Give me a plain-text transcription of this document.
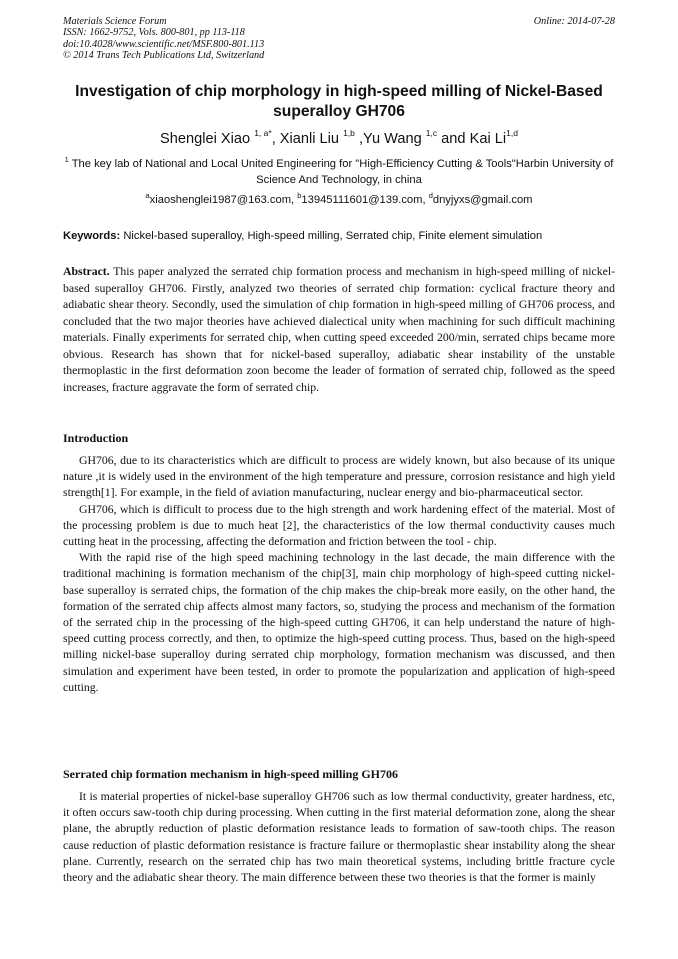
Materials Science Forum
ISSN: 1662-9752, Vols. 800-801, pp 113-118
doi:10.4028/www.scientific.net/MSF.800-801.113
© 2014 Trans Tech Publications Ltd, Switzerland
Online: 2014-07-28
Investigation of chip morphology in high-speed milling of Nickel-Based superalloy GH706
Shenglei Xiao $^{1, a*}$, Xianli Liu $^{1,b}$ ,Yu Wang $^{1,c}$ and Kai Li$^{1,d}$
$^1$ The key lab of National and Local United Engineering for "High-Efficiency Cutting & Tools"Harbin University of Science And Technology, in china
$^a$xiaoshenglei1987@163.com, $^b$13945111601@139.com, $^d$dnyjyxs@gmail.com
Keywords: Nickel-based superalloy, High-speed milling, Serrated chip, Finite element simulation
Abstract. This paper analyzed the serrated chip formation process and mechanism in high-speed milling of nickel-based superalloy GH706. Firstly, analyzed two theories of serrated chip formation: cyclical fracture theory and adiabatic shear theory. Secondly, used the simulation of chip formation in high-speed milling of GH706 process, and concluded that the two major theories have achieved dialectical unity when machining for such difficult machining materials. Finally experiments for serrated chip, when cutting speed exceeded 200/min, serrated chips became more obvious. Research has shown that for nickel-based superalloy, adiabatic shear instability of the unstable thermoplastic in the first deformation zoon become the leader of formation of serrated chip, followed as the speed increases, fracture aggravate the form of serrated chip.
Introduction

GH706, due to its characteristics which are difficult to process are widely known, but also because of its unique nature ,it is widely used in the environment of the high temperature and pressure, corrosion resistance and high yield strength[1]. For example, in the field of aviation manufacturing, nuclear energy and bio-pharmaceutical sector.

GH706, which is difficult to process due to the high strength and work hardening effect of the material. Most of the processing problem is due to much heat [2], the characteristics of the low thermal conductivity causes much cutting heat in the processing, affecting the deformation and friction between the tool - chip.

With the rapid rise of the high speed machining technology in the last decade, the main difference with the traditional machining is formation mechanism of the chip[3], main chip morphology of high-speed cutting nickel-base superalloy is serrated chips, the formation of the chip makes the chip-break more easily, on the other hand, the formation of the serrated chip affects almost many factors, so, studying the process and mechanism of the formation of the serrated chip in the processing of the high-speed cutting GH706, it can help understand the nature of high-speed cutting process correctly, and then, to optimize the high-speed cutting process. Thus, based on the high-speed milling nickel-base superalloy during serrated chip morphology, formation mechanism was discussed, and then simulation and experiment have been tested, in order to promote the popularization and application of high-speed cutting.

Serrated chip formation mechanism in high-speed milling GH706

It is material properties of nickel-base superalloy GH706 such as low thermal conductivity, greater hardness, etc, it often occurs saw-tooth chip during processing. When cutting in the first material deformation zone, along the shear plane, the abruptly reduction of plastic deformation resistance leads to formation of saw-tooth chips. The reason cause reduction of plastic deformation resistance is fracture failure or thermoplastic shear instability along the shear plane. Currently, research on the serrated chip has two main theoretical systems, including brittle fracture cycle theory and the adiabatic shear theory. The main difference between these two theories is that the former is mainly
